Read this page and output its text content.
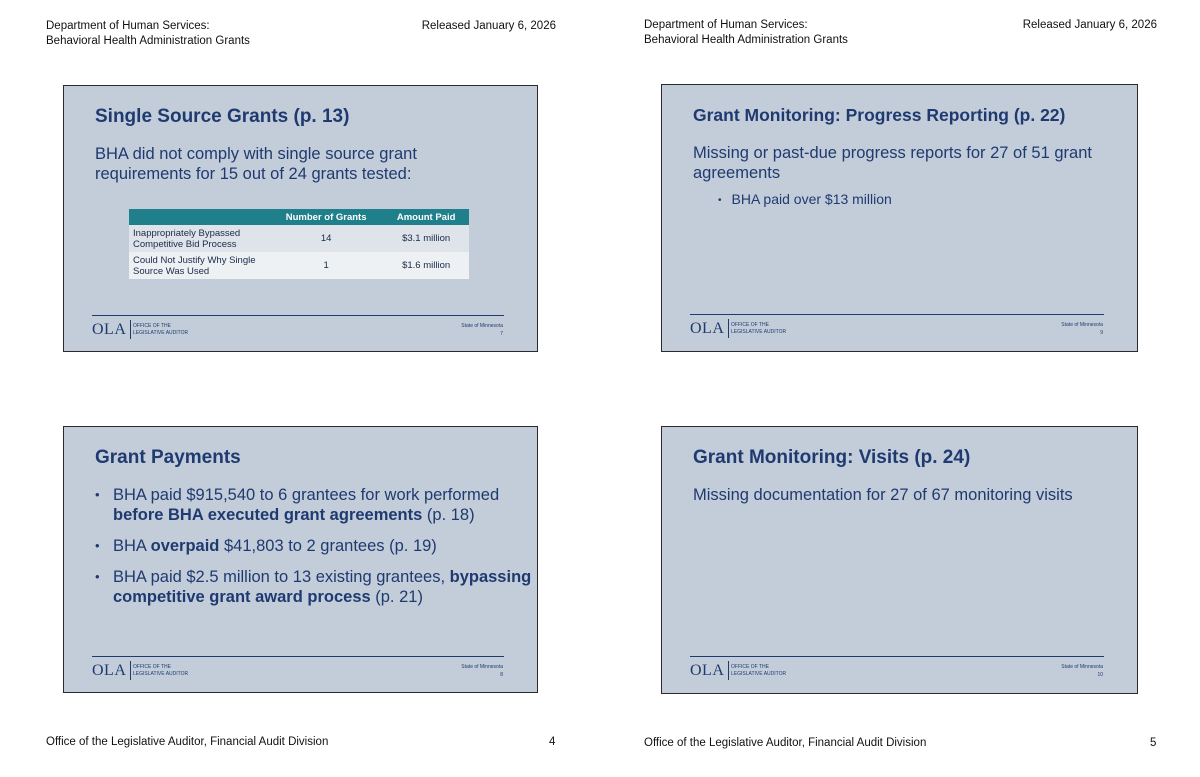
Department of Human Services:
Behavioral Health Administration Grants
Released January 6, 2026
Office of the Legislative Auditor, Financial Audit Division	4
Department of Human Services:
Behavioral Health Administration Grants
Released January 6, 2026
Office of the Legislative Auditor, Financial Audit Division	5
Single Source Grants (p. 13)
BHA did not comply with single source grant requirements for 15 out of 24 grants tested:
	Number of Grants	Amount Paid
Inappropriately Bypassed Competitive Bid Process	14	$3.1 million
Could Not Justify Why Single Source Was Used	1	$1.6 million
OLA OFFICE OF THE
LEGISLATIVE AUDITOR
State of Minnesota
7
Grant Monitoring: Progress Reporting (p. 22)
Missing or past-due progress reports for 27 of 51 grant agreements
• BHA paid over $13 million
OLA OFFICE OF THE
LEGISLATIVE AUDITOR
State of Minnesota
9
Grant Payments
• BHA paid $915,540 to 6 grantees for work performed before BHA executed grant agreements (p. 18)
• BHA overpaid $41,803 to 2 grantees (p. 19)
• BHA paid $2.5 million to 13 existing grantees, bypassing competitive grant award process (p. 21)
OLA OFFICE OF THE
LEGISLATIVE AUDITOR
State of Minnesota
8
Grant Monitoring: Visits (p. 24)
Missing documentation for 27 of 67 monitoring visits
OLA OFFICE OF THE
LEGISLATIVE AUDITOR
State of Minnesota
10
